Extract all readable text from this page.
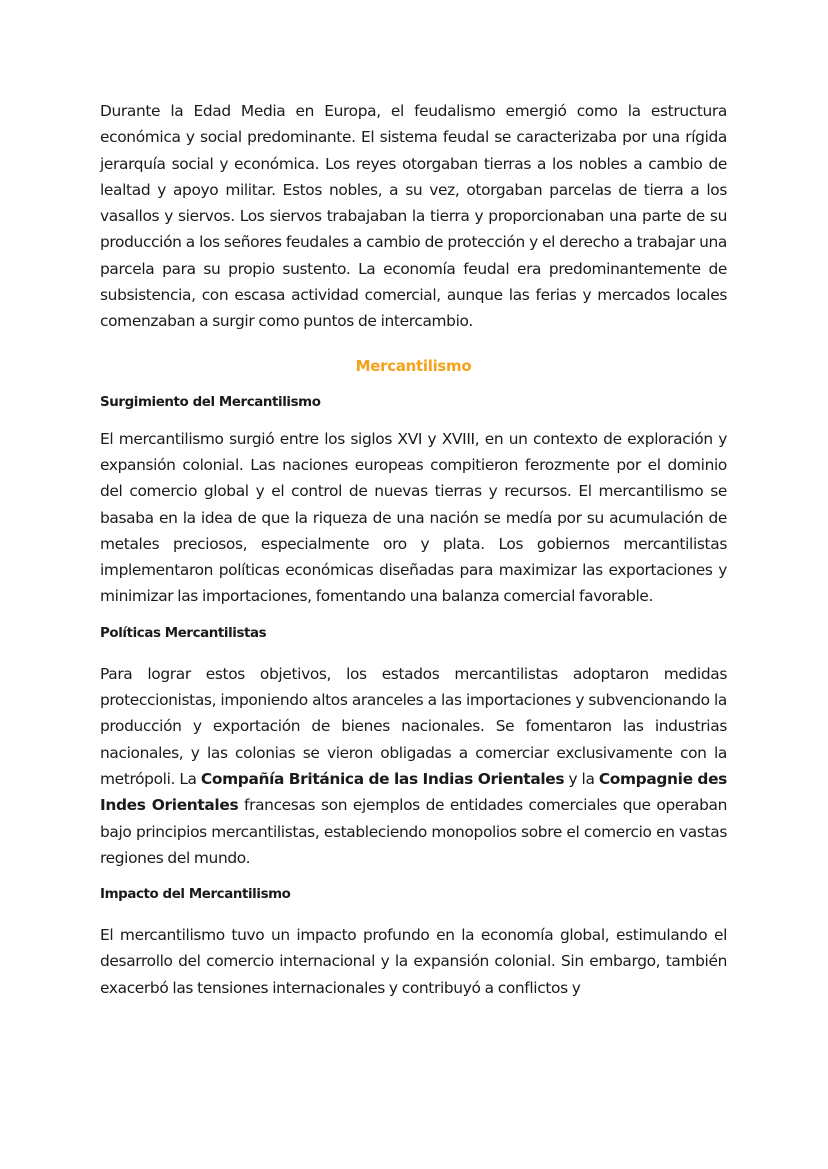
Durante la Edad Media en Europa, el feudalismo emergió como la estructura económica y social predominante. El sistema feudal se caracterizaba por una rígida jerarquía social y económica. Los reyes otorgaban tierras a los nobles a cambio de lealtad y apoyo militar. Estos nobles, a su vez, otorgaban parcelas de tierra a los vasallos y siervos. Los siervos trabajaban la tierra y proporcionaban una parte de su producción a los señores feudales a cambio de protección y el derecho a trabajar una parcela para su propio sustento. La economía feudal era predominantemente de subsistencia, con escasa actividad comercial, aunque las ferias y mercados locales comenzaban a surgir como puntos de intercambio.

Mercantilismo
Surgimiento del Mercantilismo

El mercantilismo surgió entre los siglos XVI y XVIII, en un contexto de exploración y expansión colonial. Las naciones europeas compitieron ferozmente por el dominio del comercio global y el control de nuevas tierras y recursos. El mercantilismo se basaba en la idea de que la riqueza de una nación se medía por su acumulación de metales preciosos, especialmente oro y plata. Los gobiernos mercantilistas implementaron políticas económicas diseñadas para maximizar las exportaciones y minimizar las importaciones, fomentando una balanza comercial favorable.

Políticas Mercantilistas

Para lograr estos objetivos, los estados mercantilistas adoptaron medidas proteccionistas, imponiendo altos aranceles a las importaciones y subvencionando la producción y exportación de bienes nacionales. Se fomentaron las industrias nacionales, y las colonias se vieron obligadas a comerciar exclusivamente con la metrópoli. La Compañía Británica de las Indias Orientales y la Compagnie des Indes Orientales francesas son ejemplos de entidades comerciales que operaban bajo principios mercantilistas, estableciendo monopolios sobre el comercio en vastas regiones del mundo.

Impacto del Mercantilismo

El mercantilismo tuvo un impacto profundo en la economía global, estimulando el desarrollo del comercio internacional y la expansión colonial. Sin embargo, también exacerbó las tensiones internacionales y contribuyó a conflictos y
